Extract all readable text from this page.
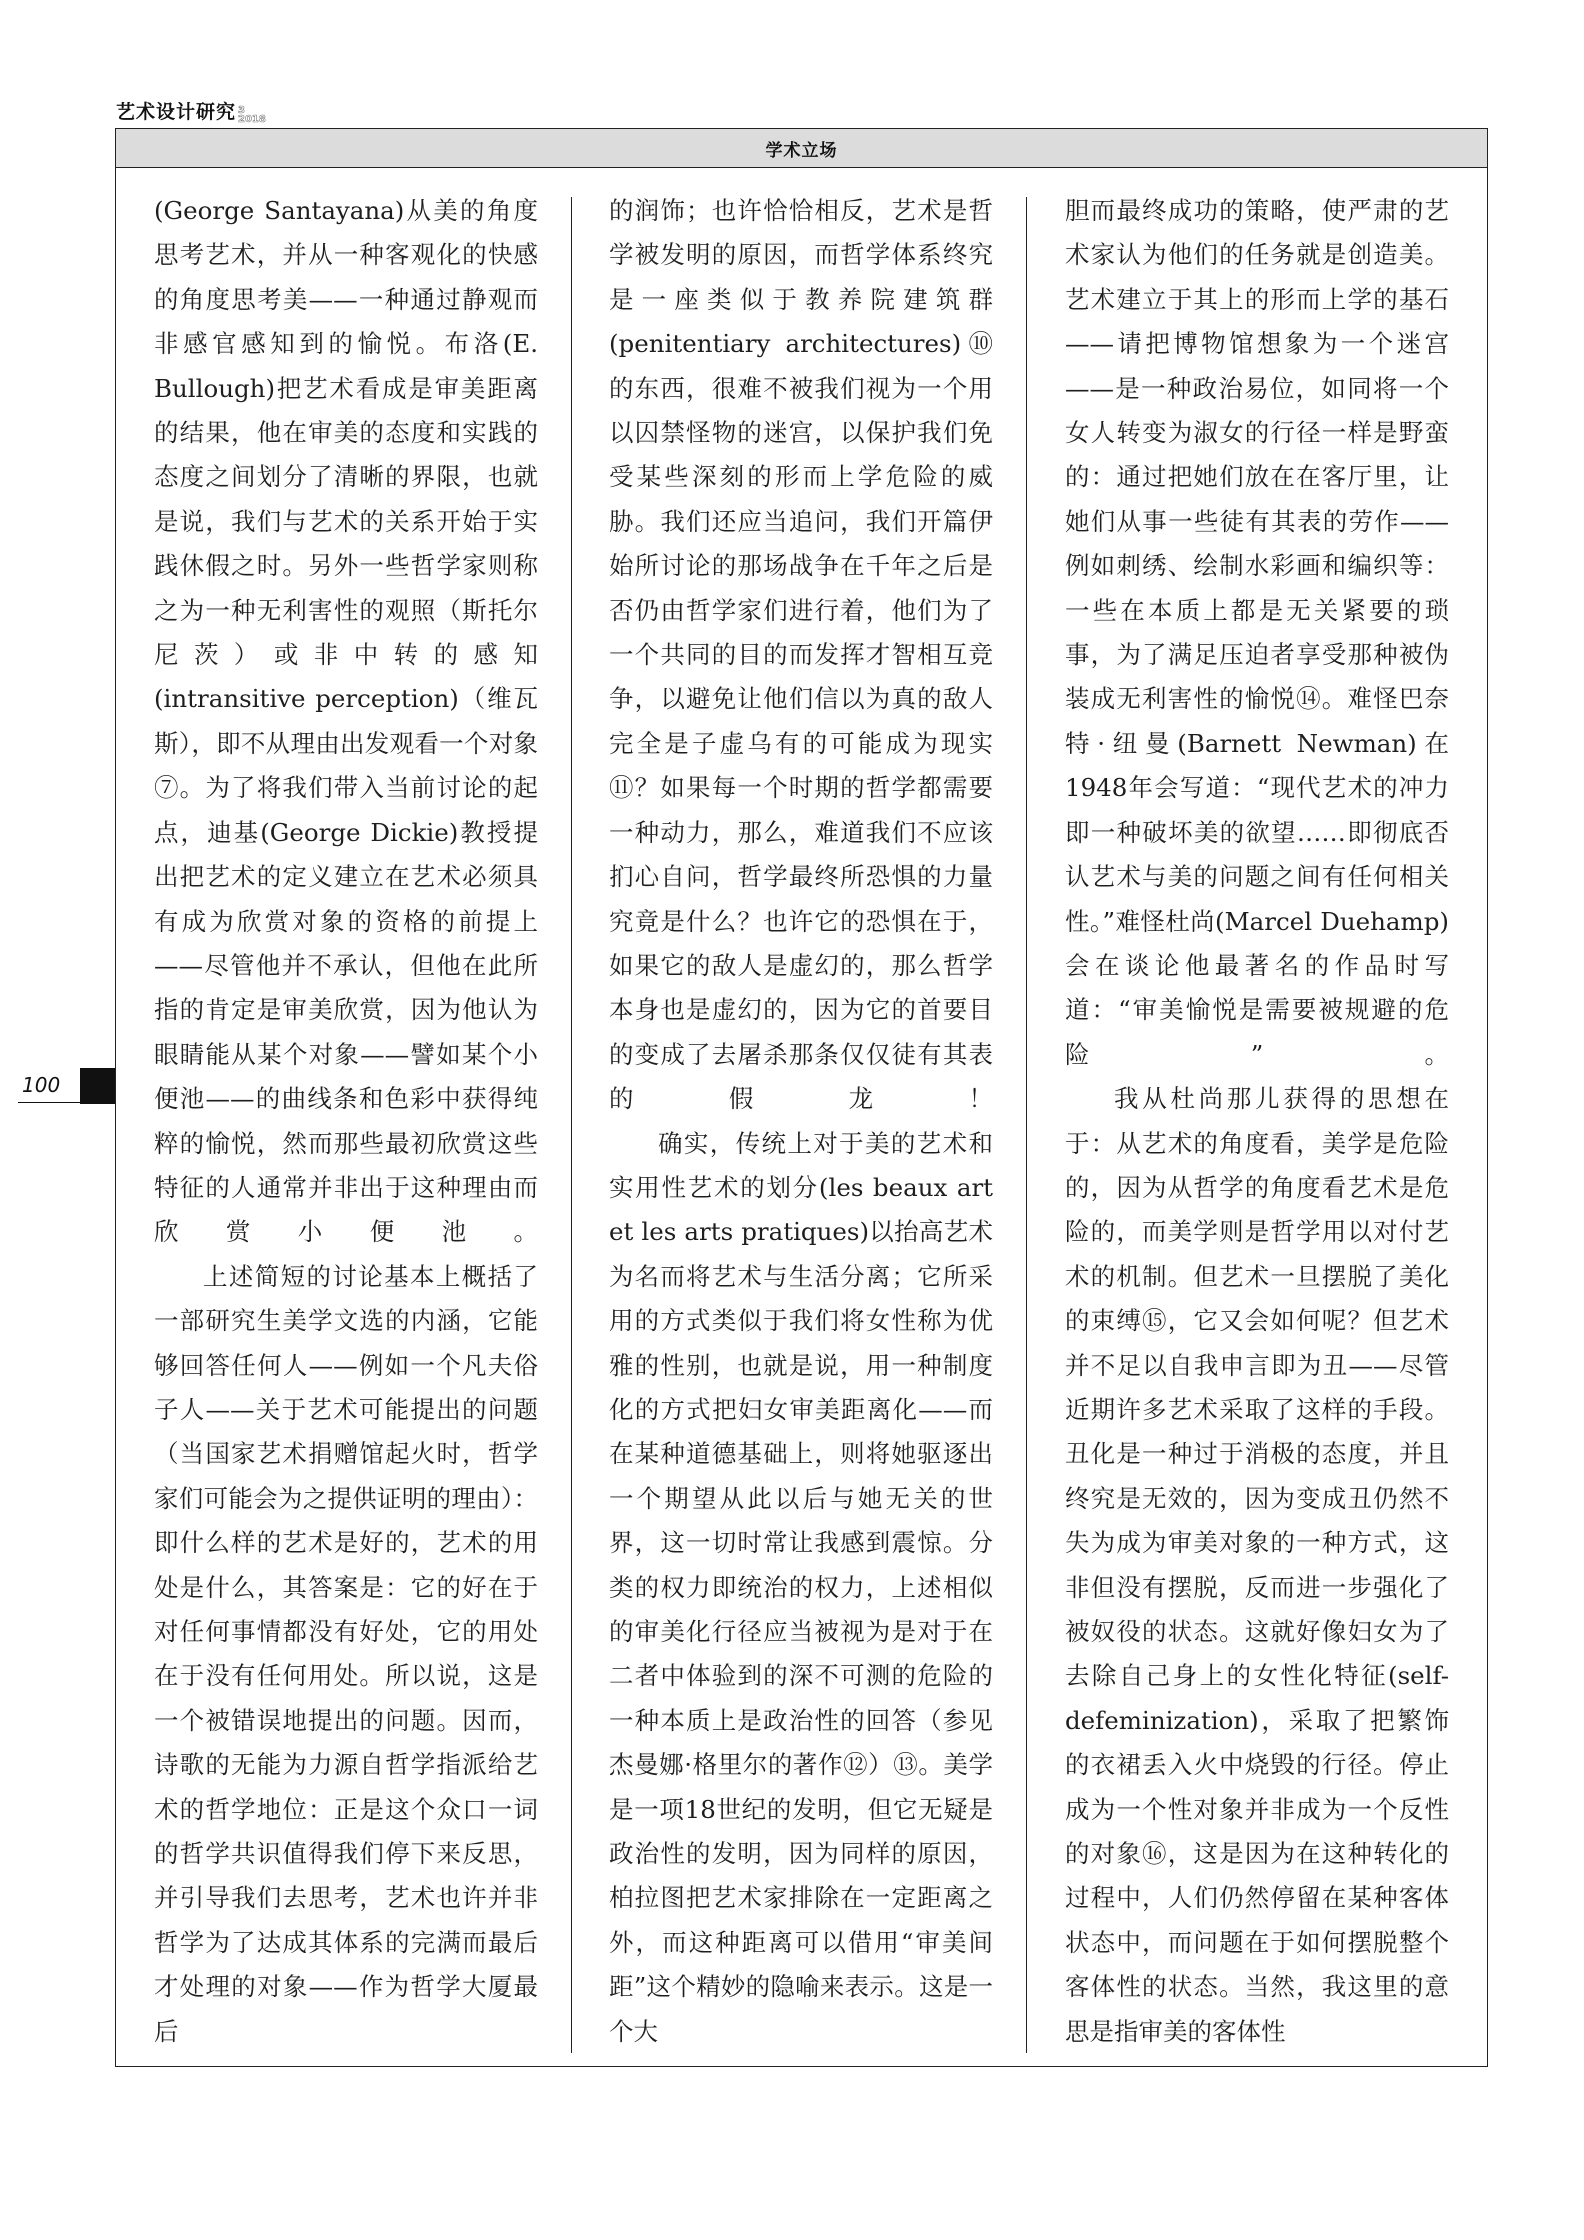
艺术设计研究 3
2018
学术立场

(George Santayana)从美的角度思考艺术，并从一种客观化的快感的角度思考美——一种通过静观而非感官感知到的愉悦。布洛(E. Bullough)把艺术看成是审美距离的结果，他在审美的态度和实践的态度之间划分了清晰的界限，也就是说，我们与艺术的关系开始于实践休假之时。另外一些哲学家则称之为一种无利害性的观照（斯托尔尼茨）或非中转的感知(intransitive perception)（维瓦斯），即不从理由出发观看一个对象⑦。为了将我们带入当前讨论的起点，迪基(George Dickie)教授提出把艺术的定义建立在艺术必须具有成为欣赏对象的资格的前提上——尽管他并不承认，但他在此所指的肯定是审美欣赏，因为他认为眼睛能从某个对象——譬如某个小便池——的曲线条和色彩中获得纯粹的愉悦，然而那些最初欣赏这些特征的人通常并非出于这种理由而欣赏小便池。

上述简短的讨论基本上概括了一部研究生美学文选的内涵，它能够回答任何人——例如一个凡夫俗子人——关于艺术可能提出的问题（当国家艺术捐赠馆起火时，哲学家们可能会为之提供证明的理由）：即什么样的艺术是好的，艺术的用处是什么，其答案是：它的好在于对任何事情都没有好处，它的用处在于没有任何用处。所以说，这是一个被错误地提出的问题。因而，诗歌的无能为力源自哲学指派给艺术的哲学地位：正是这个众口一词的哲学共识值得我们停下来反思，并引导我们去思考，艺术也许并非哲学为了达成其体系的完满而最后才处理的对象——作为哲学大厦最后

的润饰；也许恰恰相反，艺术是哲学被发明的原因，而哲学体系终究是一座类似于教养院建筑群(penitentiary architectures)⑩的东西，很难不被我们视为一个用以囚禁怪物的迷宫，以保护我们免受某些深刻的形而上学危险的威胁。我们还应当追问，我们开篇伊始所讨论的那场战争在千年之后是否仍由哲学家们进行着，他们为了一个共同的目的而发挥才智相互竞争，以避免让他们信以为真的敌人完全是子虚乌有的可能成为现实⑪？如果每一个时期的哲学都需要一种动力，那么，难道我们不应该扪心自问，哲学最终所恐惧的力量究竟是什么？也许它的恐惧在于，如果它的敌人是虚幻的，那么哲学本身也是虚幻的，因为它的首要目的变成了去屠杀那条仅仅徒有其表的假龙！

确实，传统上对于美的艺术和实用性艺术的划分(les beaux art et les arts pratiques)以抬高艺术为名而将艺术与生活分离；它所采用的方式类似于我们将女性称为优雅的性别，也就是说，用一种制度化的方式把妇女审美距离化——而在某种道德基础上，则将她驱逐出一个期望从此以后与她无关的世界，这一切时常让我感到震惊。分类的权力即统治的权力，上述相似的审美化行径应当被视为是对于在二者中体验到的深不可测的危险的一种本质上是政治性的回答（参见杰曼娜·格里尔的著作⑫）⑬。美学是一项18世纪的发明，但它无疑是政治性的发明，因为同样的原因，柏拉图把艺术家排除在一定距离之外，而这种距离可以借用“审美间距”这个精妙的隐喻来表示。这是一个大

胆而最终成功的策略，使严肃的艺术家认为他们的任务就是创造美。艺术建立于其上的形而上学的基石——请把博物馆想象为一个迷宫——是一种政治易位，如同将一个女人转变为淑女的行径一样是野蛮的：通过把她们放在在客厅里，让她们从事一些徒有其表的劳作——例如刺绣、绘制水彩画和编织等：一些在本质上都是无关紧要的琐事，为了满足压迫者享受那种被伪装成无利害性的愉悦⑭。难怪巴奈特·纽曼(Barnett Newman)在1948年会写道：“现代艺术的冲力即一种破坏美的欲望……即彻底否认艺术与美的问题之间有任何相关性。”难怪杜尚(Marcel Duehamp)会在谈论他最著名的作品时写道：“审美愉悦是需要被规避的危险”。

我从杜尚那儿获得的思想在于：从艺术的角度看，美学是危险的，因为从哲学的角度看艺术是危险的，而美学则是哲学用以对付艺术的机制。但艺术一旦摆脱了美化的束缚⑮，它又会如何呢？但艺术并不足以自我申言即为丑——尽管近期许多艺术采取了这样的手段。丑化是一种过于消极的态度，并且终究是无效的，因为变成丑仍然不失为成为审美对象的一种方式，这非但没有摆脱，反而进一步强化了被奴役的状态。这就好像妇女为了去除自己身上的女性化特征(self-defeminization)，采取了把繁饰的衣裙丢入火中烧毁的行径。停止成为一个性对象并非成为一个反性的对象⑯，这是因为在这种转化的过程中，人们仍然停留在某种客体状态中，而问题在于如何摆脱整个客体性的状态。当然，我这里的意思是指审美的客体性

100
